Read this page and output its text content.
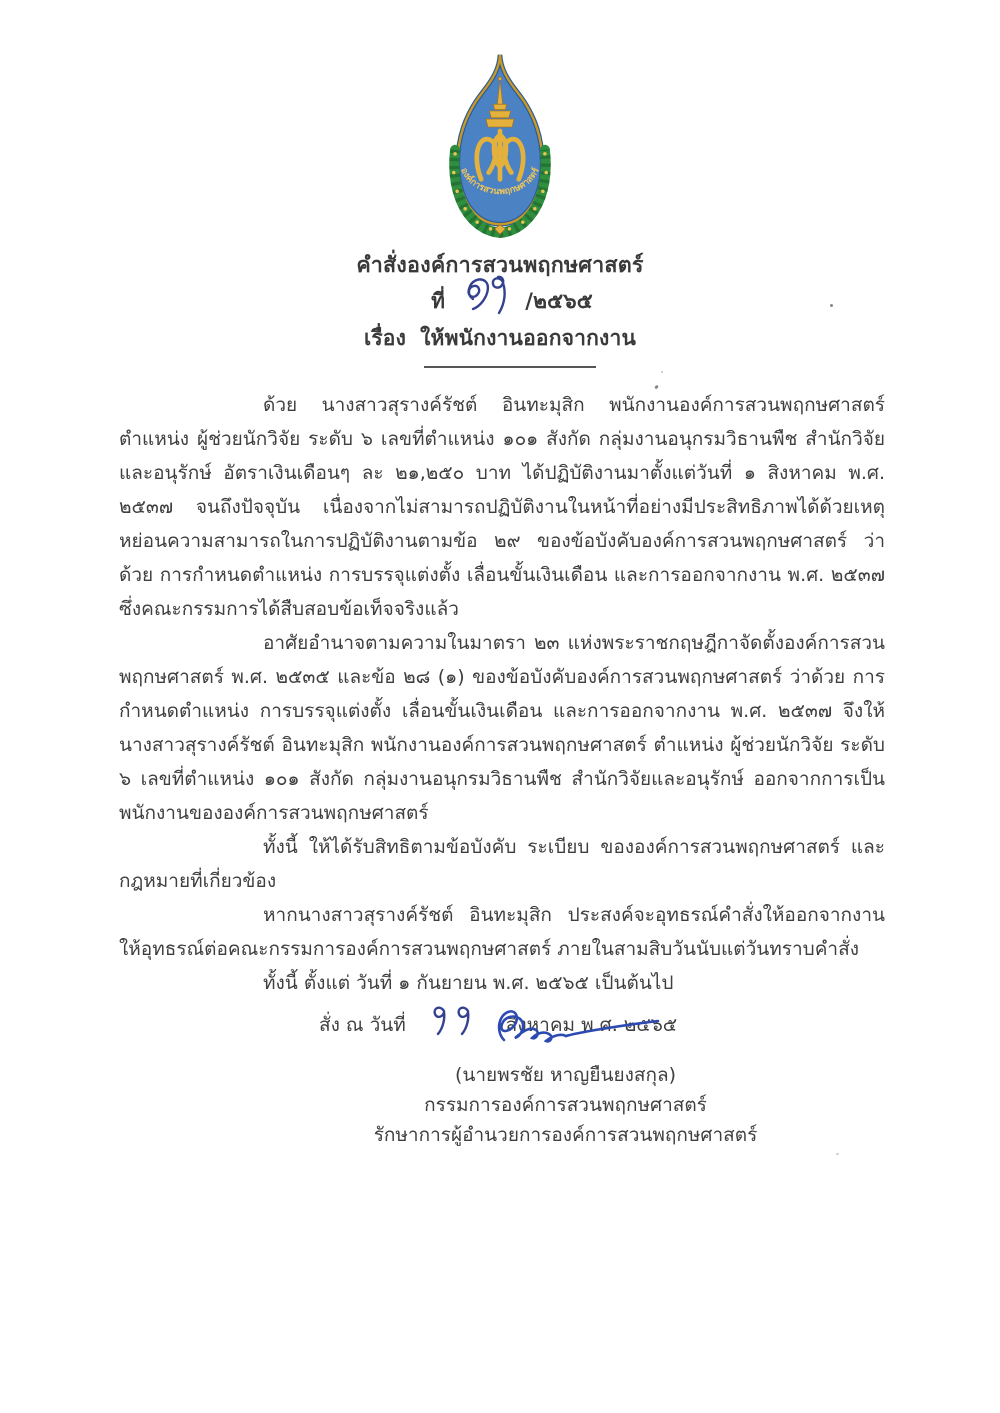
องค์การสวนพฤกษศาสตร์
คำสั่งองค์การสวนพฤกษศาสตร์
ที่	/๒๕๖๕
เรื่อง ให้พนักงานออกจากงาน

ด้วย นางสาวสุรางค์รัชต์ อินทะมุสิก พนักงานองค์การสวนพฤกษศาสตร์ ตำแหน่ง ผู้ช่วยนักวิจัย ระดับ ๖ เลขที่ตำแหน่ง ๑๐๑ สังกัด กลุ่มงานอนุกรมวิธานพืช สำนักวิจัยและอนุรักษ์ อัตราเงินเดือนๆ ละ ๒๑,๒๕๐ บาท ได้ปฏิบัติงานมาตั้งแต่วันที่ ๑ สิงหาคม พ.ศ. ๒๕๓๗ จนถึงปัจจุบัน เนื่องจากไม่สามารถปฏิบัติงานในหน้าที่อย่างมีประสิทธิภาพได้ด้วยเหตุหย่อนความสามารถในการปฏิบัติงานตามข้อ ๒๙ ของข้อบังคับองค์การสวนพฤกษศาสตร์ ว่าด้วย การกำหนดตำแหน่ง การบรรจุแต่งตั้ง เลื่อนขั้นเงินเดือน และการออกจากงาน พ.ศ. ๒๕๓๗ ซึ่งคณะกรรมการได้สืบสอบข้อเท็จจริงแล้ว

อาศัยอำนาจตามความในมาตรา ๒๓ แห่งพระราชกฤษฎีกาจัดตั้งองค์การสวนพฤกษศาสตร์ พ.ศ. ๒๕๓๕ และข้อ ๒๘ (๑) ของข้อบังคับองค์การสวนพฤกษศาสตร์ ว่าด้วย การกำหนดตำแหน่ง การบรรจุแต่งตั้ง เลื่อนขั้นเงินเดือน และการออกจากงาน พ.ศ. ๒๕๓๗ จึงให้ นางสาวสุรางค์รัชต์ อินทะมุสิก พนักงานองค์การสวนพฤกษศาสตร์ ตำแหน่ง ผู้ช่วยนักวิจัย ระดับ ๖ เลขที่ตำแหน่ง ๑๐๑ สังกัด กลุ่มงานอนุกรมวิธานพืช สำนักวิจัยและอนุรักษ์ ออกจากการเป็นพนักงานขององค์การสวนพฤกษศาสตร์

ทั้งนี้ ให้ได้รับสิทธิตามข้อบังคับ ระเบียบ ขององค์การสวนพฤกษศาสตร์ และกฎหมายที่เกี่ยวข้อง

หากนางสาวสุรางค์รัชต์ อินทะมุสิก ประสงค์จะอุทธรณ์คำสั่งให้ออกจากงานให้อุทธรณ์ต่อคณะกรรมการองค์การสวนพฤกษศาสตร์ ภายในสามสิบวันนับแต่วันทราบคำสั่ง

ทั้งนี้ ตั้งแต่ วันที่ ๑ กันยายน พ.ศ. ๒๕๖๕ เป็นต้นไป

สั่ง ณ วันที่	สิงหาคม พ.ศ. ๒๕๖๕
(นายพรชัย หาญยืนยงสกุล)
กรรมการองค์การสวนพฤกษศาสตร์
รักษาการผู้อำนวยการองค์การสวนพฤกษศาสตร์
